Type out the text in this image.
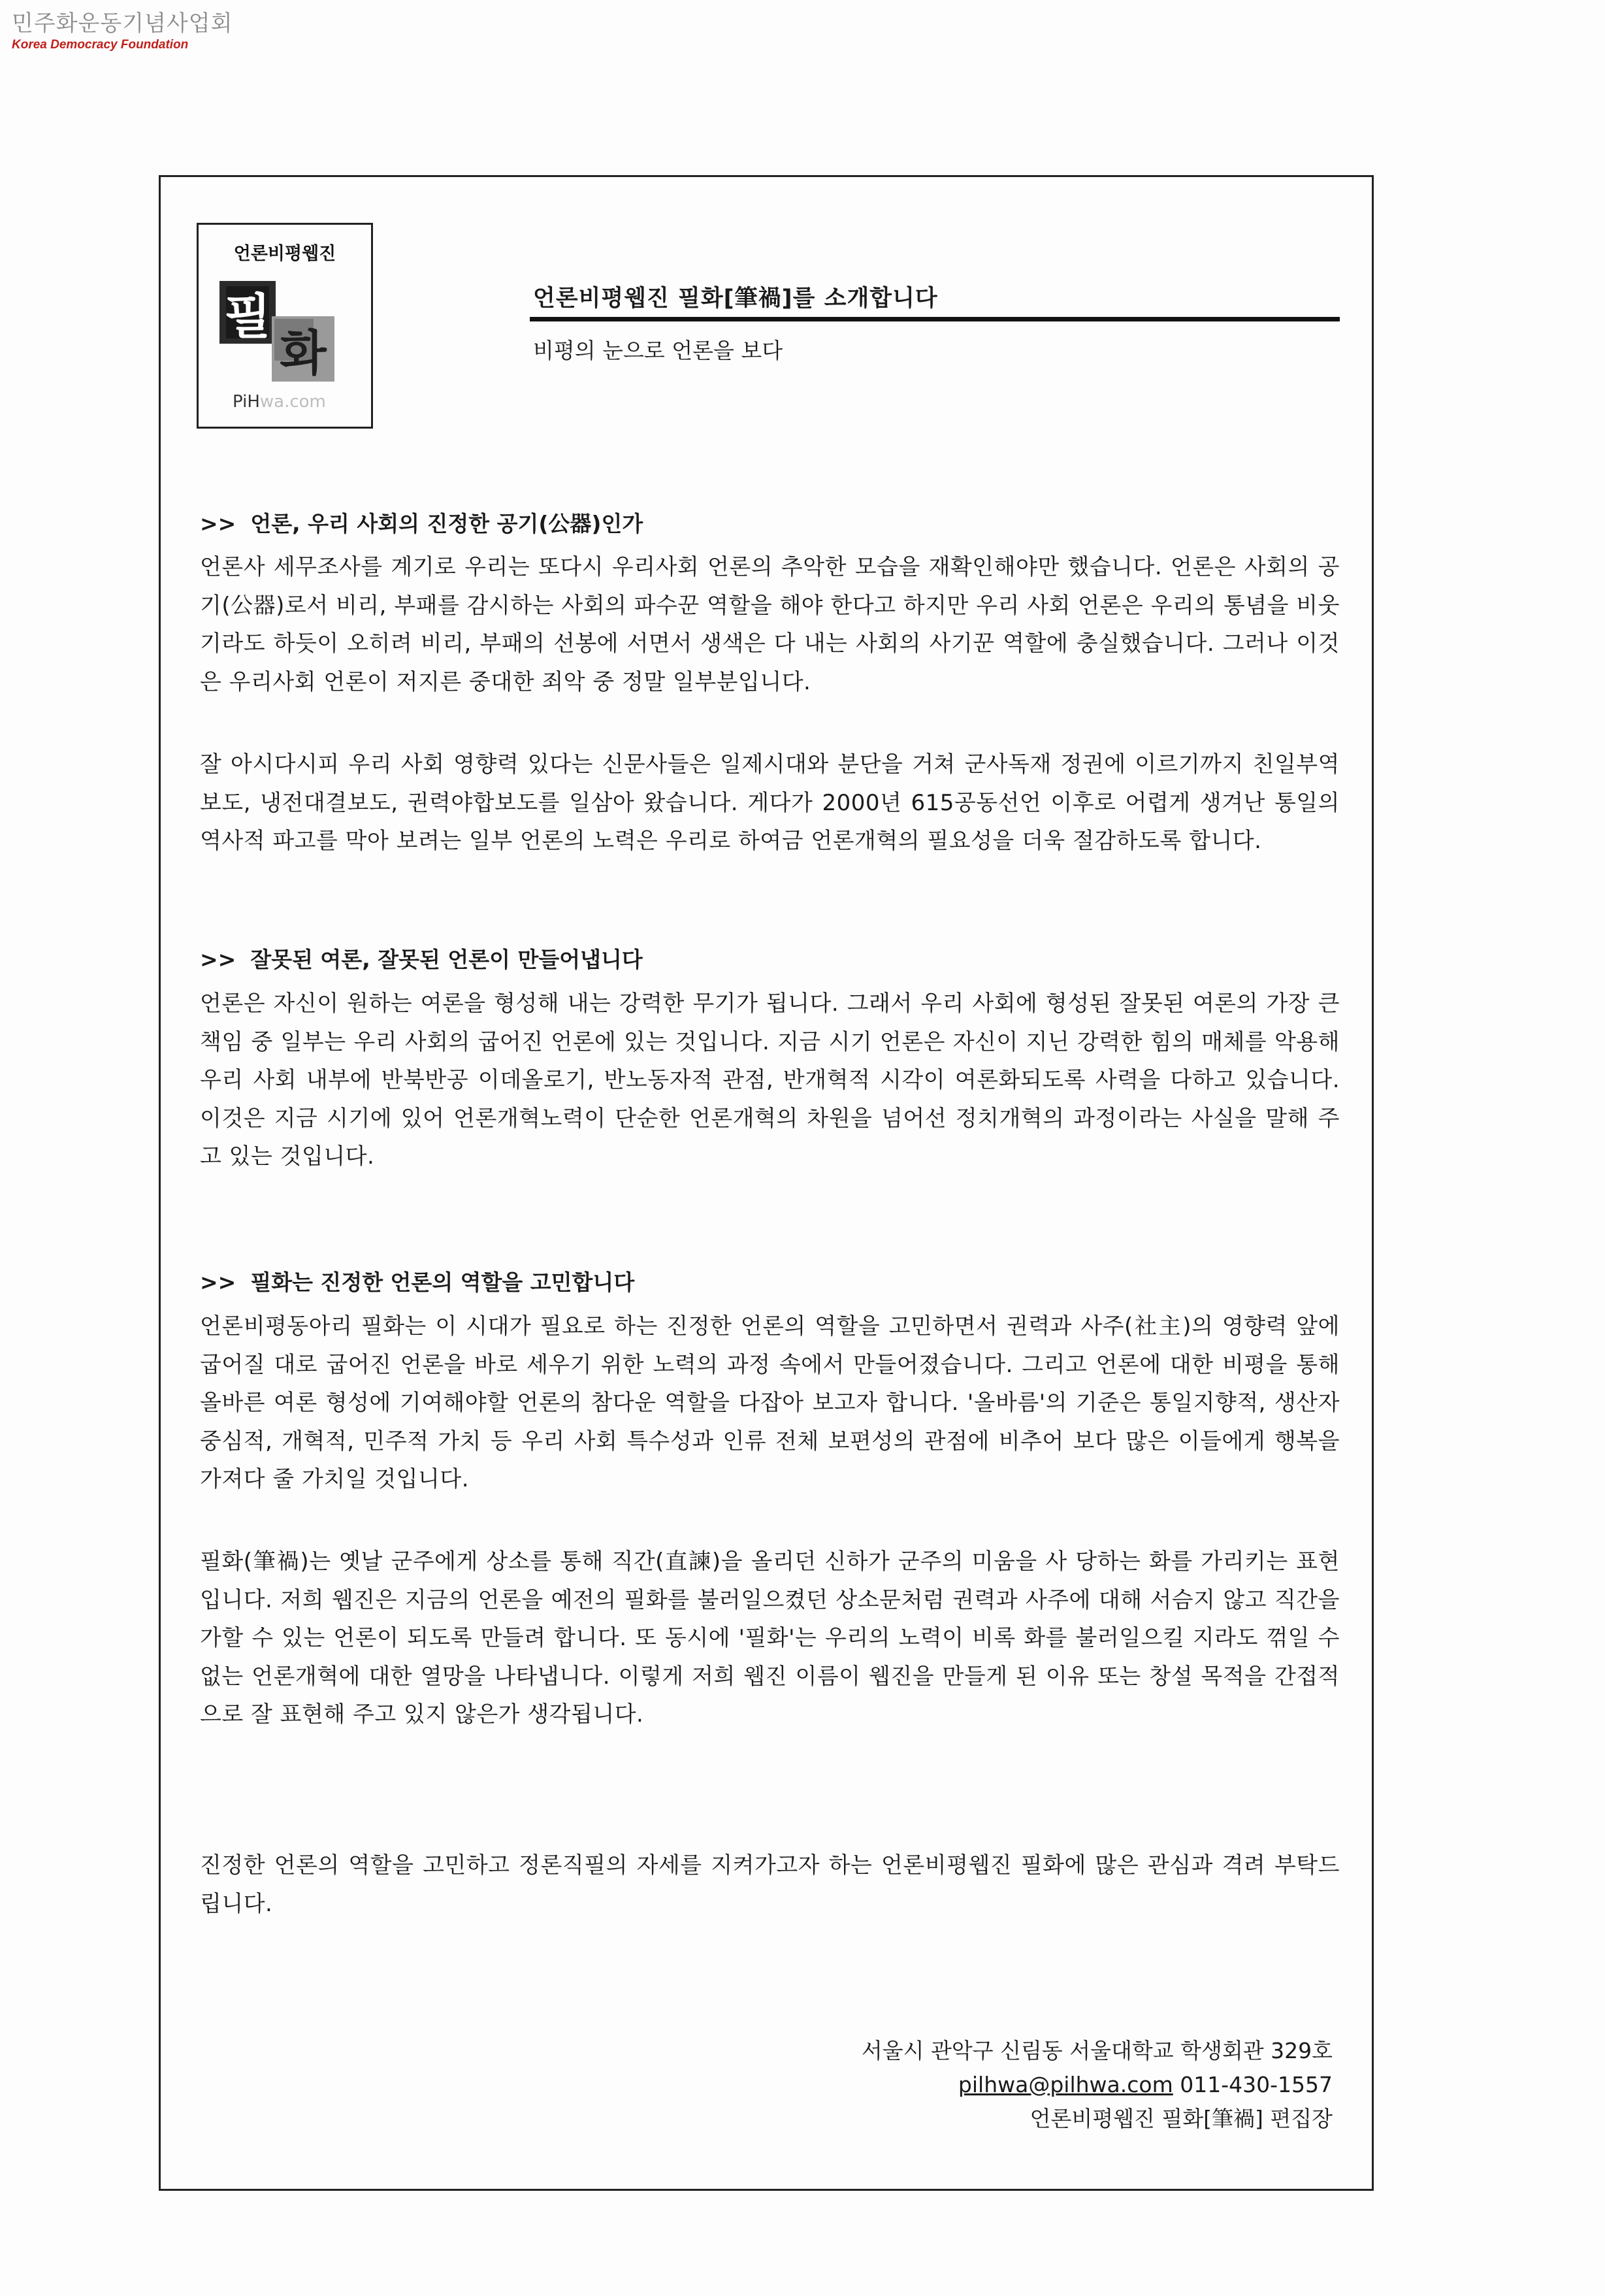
민주화운동기념사업회
Korea Democracy Foundation
언론비평웹진
필
화
PiHwa.com
언론비평웹진 필화[筆禍]를 소개합니다
비평의 눈으로 언론을 보다
>> 언론, 우리 사회의 진정한 공기(公器)인가
언론사 세무조사를 계기로 우리는 또다시 우리사회 언론의 추악한 모습을 재확인해야만 했습니다. 언론은 사회의 공기(公器)로서 비리, 부패를 감시하는 사회의 파수꾼 역할을 해야 한다고 하지만 우리 사회 언론은 우리의 통념을 비웃기라도 하듯이 오히려 비리, 부패의 선봉에 서면서 생색은 다 내는 사회의 사기꾼 역할에 충실했습니다. 그러나 이것은 우리사회 언론이 저지른 중대한 죄악 중 정말 일부분입니다.
잘 아시다시피 우리 사회 영향력 있다는 신문사들은 일제시대와 분단을 거쳐 군사독재 정권에 이르기까지 친일부역보도, 냉전대결보도, 권력야합보도를 일삼아 왔습니다. 게다가 2000년 615공동선언 이후로 어렵게 생겨난 통일의 역사적 파고를 막아 보려는 일부 언론의 노력은 우리로 하여금 언론개혁의 필요성을 더욱 절감하도록 합니다.
>> 잘못된 여론, 잘못된 언론이 만들어냅니다
언론은 자신이 원하는 여론을 형성해 내는 강력한 무기가 됩니다. 그래서 우리 사회에 형성된 잘못된 여론의 가장 큰 책임 중 일부는 우리 사회의 굽어진 언론에 있는 것입니다. 지금 시기 언론은 자신이 지닌 강력한 힘의 매체를 악용해 우리 사회 내부에 반북반공 이데올로기, 반노동자적 관점, 반개혁적 시각이 여론화되도록 사력을 다하고 있습니다. 이것은 지금 시기에 있어 언론개혁노력이 단순한 언론개혁의 차원을 넘어선 정치개혁의 과정이라는 사실을 말해 주고 있는 것입니다.
>> 필화는 진정한 언론의 역할을 고민합니다
언론비평동아리 필화는 이 시대가 필요로 하는 진정한 언론의 역할을 고민하면서 권력과 사주(社主)의 영향력 앞에 굽어질 대로 굽어진 언론을 바로 세우기 위한 노력의 과정 속에서 만들어졌습니다. 그리고 언론에 대한 비평을 통해 올바른 여론 형성에 기여해야할 언론의 참다운 역할을 다잡아 보고자 합니다. '올바름'의 기준은 통일지향적, 생산자 중심적, 개혁적, 민주적 가치 등 우리 사회 특수성과 인류 전체 보편성의 관점에 비추어 보다 많은 이들에게 행복을 가져다 줄 가치일 것입니다.
필화(筆禍)는 옛날 군주에게 상소를 통해 직간(直諫)을 올리던 신하가 군주의 미움을 사 당하는 화를 가리키는 표현입니다. 저희 웹진은 지금의 언론을 예전의 필화를 불러일으켰던 상소문처럼 권력과 사주에 대해 서슴지 않고 직간을 가할 수 있는 언론이 되도록 만들려 합니다. 또 동시에 '필화'는 우리의 노력이 비록 화를 불러일으킬 지라도 꺾일 수 없는 언론개혁에 대한 열망을 나타냅니다. 이렇게 저희 웹진 이름이 웹진을 만들게 된 이유 또는 창설 목적을 간접적으로 잘 표현해 주고 있지 않은가 생각됩니다.
진정한 언론의 역할을 고민하고 정론직필의 자세를 지켜가고자 하는 언론비평웹진 필화에 많은 관심과 격려 부탁드립니다.
서울시 관악구 신림동 서울대학교 학생회관 329호
pilhwa@pilhwa.com 011-430-1557
언론비평웹진 필화[筆禍] 편집장
